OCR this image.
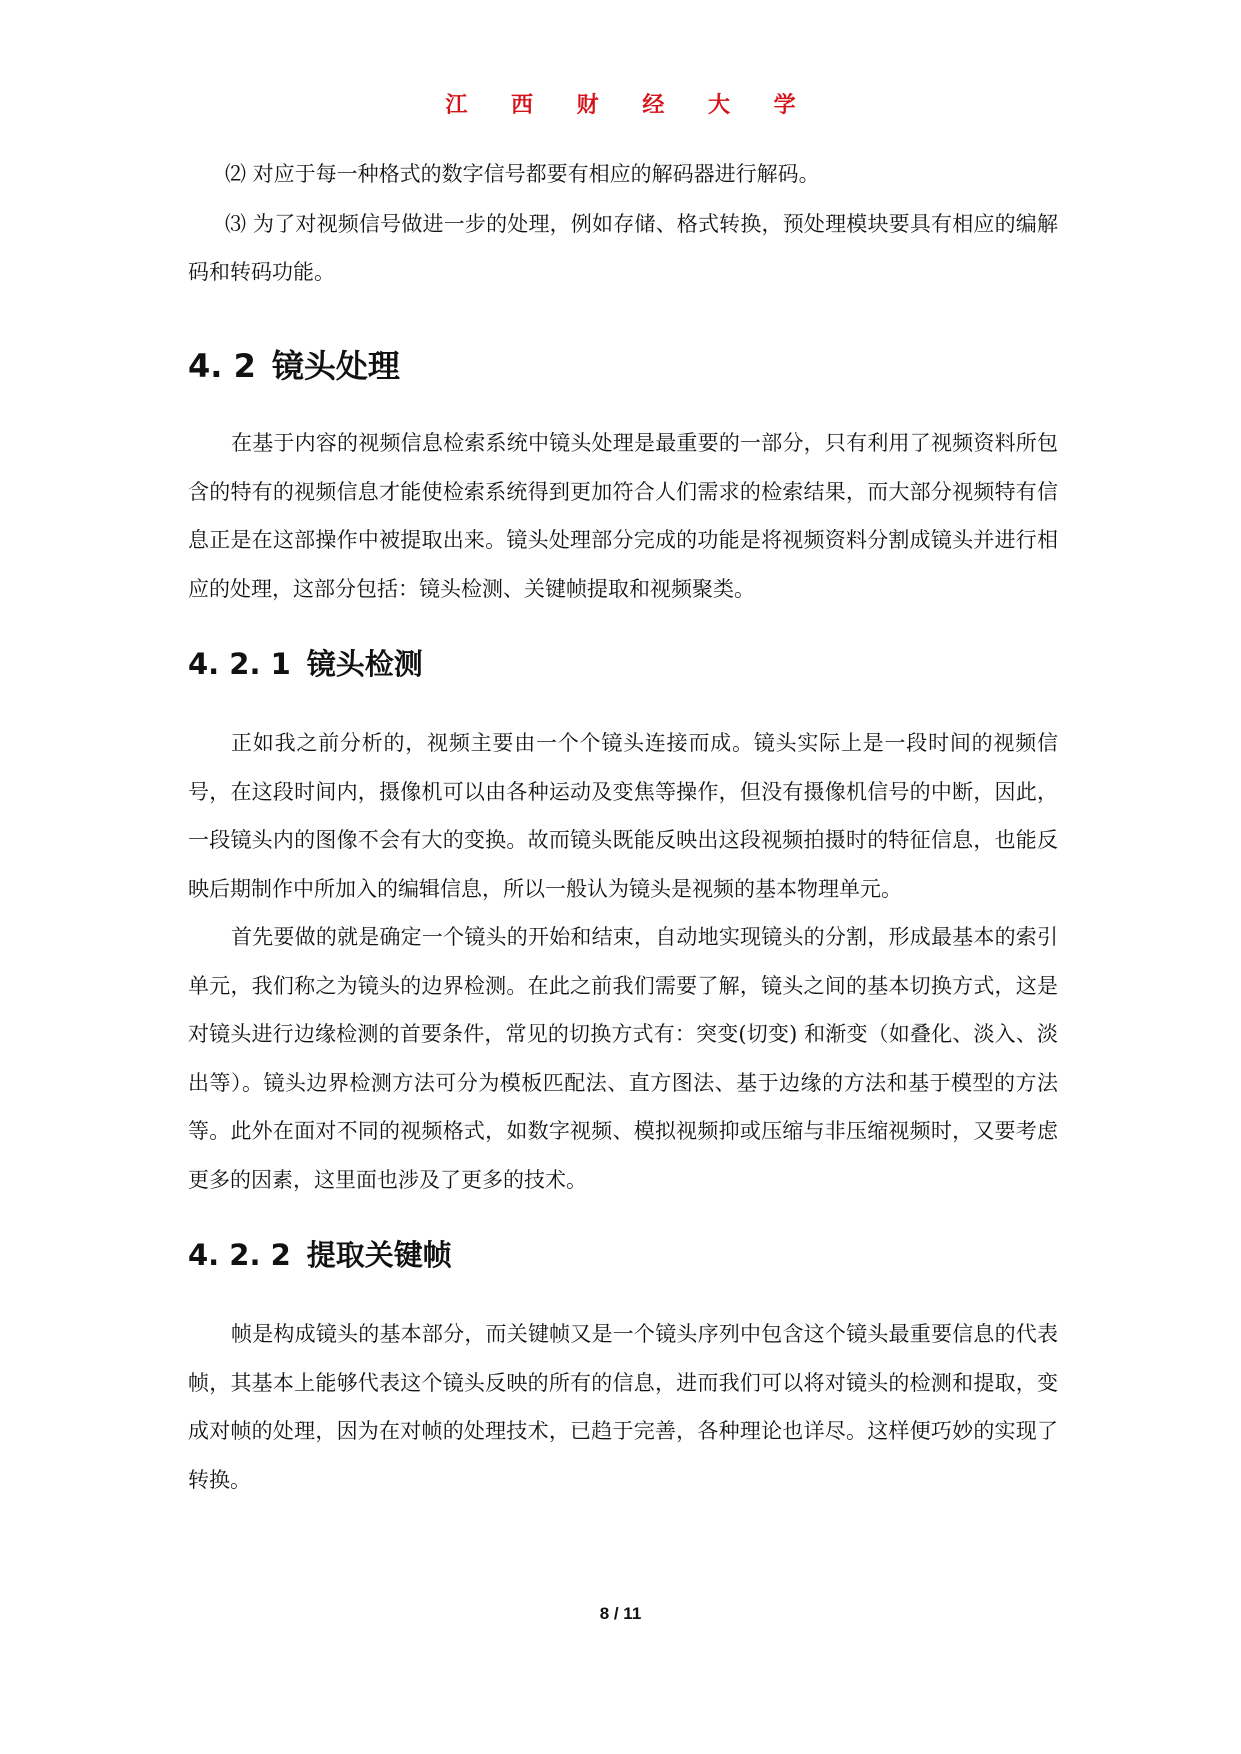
江 西 财 经 大 学

⑵ 对应于每一种格式的数字信号都要有相应的解码器进行解码。

⑶ 为了对视频信号做进一步的处理，例如存储、格式转换，预处理模块要具有相应的编解码和转码功能。

4. 2 镜头处理

在基于内容的视频信息检索系统中镜头处理是最重要的一部分，只有利用了视频资料所包含的特有的视频信息才能使检索系统得到更加符合人们需求的检索结果，而大部分视频特有信息正是在这部操作中被提取出来。镜头处理部分完成的功能是将视频资料分割成镜头并进行相应的处理，这部分包括：镜头检测、关键帧提取和视频聚类。

4. 2. 1 镜头检测

正如我之前分析的，视频主要由一个个镜头连接而成。镜头实际上是一段时间的视频信号，在这段时间内，摄像机可以由各种运动及变焦等操作，但没有摄像机信号的中断，因此，一段镜头内的图像不会有大的变换。故而镜头既能反映出这段视频拍摄时的特征信息，也能反映后期制作中所加入的编辑信息，所以一般认为镜头是视频的基本物理单元。

首先要做的就是确定一个镜头的开始和结束，自动地实现镜头的分割，形成最基本的索引单元，我们称之为镜头的边界检测。在此之前我们需要了解，镜头之间的基本切换方式，这是对镜头进行边缘检测的首要条件，常见的切换方式有：突变(切变) 和渐变（如叠化、淡入、淡出等）。镜头边界检测方法可分为模板匹配法、直方图法、基于边缘的方法和基于模型的方法等。此外在面对不同的视频格式，如数字视频、模拟视频抑或压缩与非压缩视频时，又要考虑更多的因素，这里面也涉及了更多的技术。

4. 2. 2 提取关键帧

帧是构成镜头的基本部分，而关键帧又是一个镜头序列中包含这个镜头最重要信息的代表帧，其基本上能够代表这个镜头反映的所有的信息，进而我们可以将对镜头的检测和提取，变成对帧的处理，因为在对帧的处理技术，已趋于完善，各种理论也详尽。这样便巧妙的实现了转换。

8 / 11
